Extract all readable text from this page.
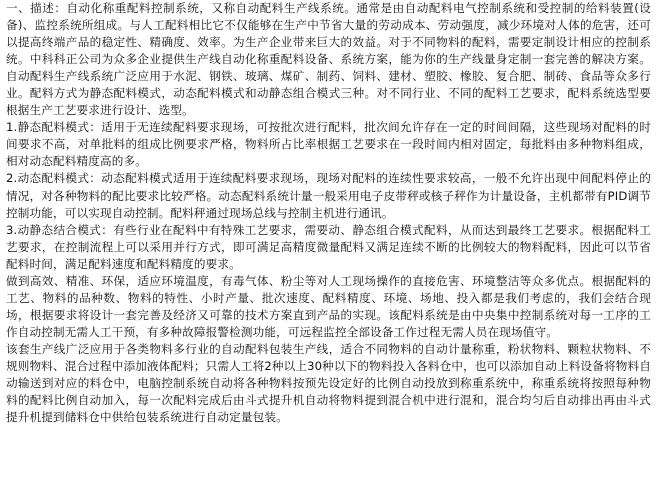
一、描述：自动化称重配料控制系统，又称自动配料生产线系统。通常是由自动配料电气控制系统和受控制的给料装置(设备)、监控系统所组成。与人工配料相比它不仅能够在生产中节省大量的劳动成本、劳动强度，减少环境对人体的危害，还可以提高终端产品的稳定性、精确度、效率。为生产企业带来巨大的效益。对于不同物料的配料，需要定制设计相应的控制系统。中科科正公司为众多企业提供生产线自动化称重配料设备、系统方案，能为你的生产线量身定制一套完善的解决方案。自动配料生产线系统广泛应用于水泥、钢铁、玻璃、煤矿、制药、饲料、建材、塑胶、橡胶、复合肥、制砖、食品等众多行业。配料方式为静态配料模式，动态配料模式和动静态组合模式三种。对不同行业、不同的配料工艺要求，配料系统选型要根据生产工艺要求进行设计、选型。

1.静态配料模式：适用于无连续配料要求现场，可按批次进行配料，批次间允许存在一定的时间间隔，这些现场对配料的时间要求不高，对单批料的组成比例要求严格，物料所占比率根据工艺要求在一段时间内相对固定，每批料由多种物料组成，相对动态配料精度高的多。

2.动态配料模式：动态配料模式适用于连续配料要求现场，现场对配料的连续性要求较高，一般不允许出现中间配料停止的情况，对各种物料的配比要求比较严格。动态配料系统计量一般采用电子皮带秤或核子秤作为计量设备，主机都带有PID调节控制功能，可以实现自动控制。配料秤通过现场总线与控制主机进行通讯。

3.动静态结合模式：有些行业在配料中有特殊工艺要求，需要动、静态组合模式配料，从而达到最终工艺要求。根据配料工艺要求，在控制流程上可以采用并行方式，即可满足高精度微量配料又满足连续不断的比例较大的物料配料，因此可以节省配料时间，满足配料速度和配料精度的要求。

做到高效、精准、环保，适应环境温度，有毒气体、粉尘等对人工现场操作的直接危害、环境整洁等众多优点。根据配料的工艺、物料的品种数、物料的特性、小时产量、批次速度、配料精度、环境、场地、投入都是我们考虑的，我们会结合现场，根据要求将设计一套完善及经济又可靠的技术方案直到产品的实现。该配料系统是由中央集中控制系统对每一工序的工作自动控制无需人工干预，有多种故障报警检测功能，可远程监控全部设备工作过程无需人员在现场值守。

该套生产线广泛应用于各类物料多行业的自动配料包装生产线，适合不同物料的自动计量称重，粉状物料、颗粒状物料、不规则物料、混合过程中添加液体配料；只需人工将2种以上30种以下的物料投入各料仓中，也可以添加自动上料设备将物料自动输送到对应的料仓中，电脑控制系统自动将各种物料按预先设定好的比例自动投放到称重系统中，称重系统将按照每种物料的配料比例自动加入，每一次配料完成后由斗式提升机自动将物料提到混合机中进行混和，混合均匀后自动排出再由斗式提升机提到储料仓中供给包装系统进行自动定量包装。
